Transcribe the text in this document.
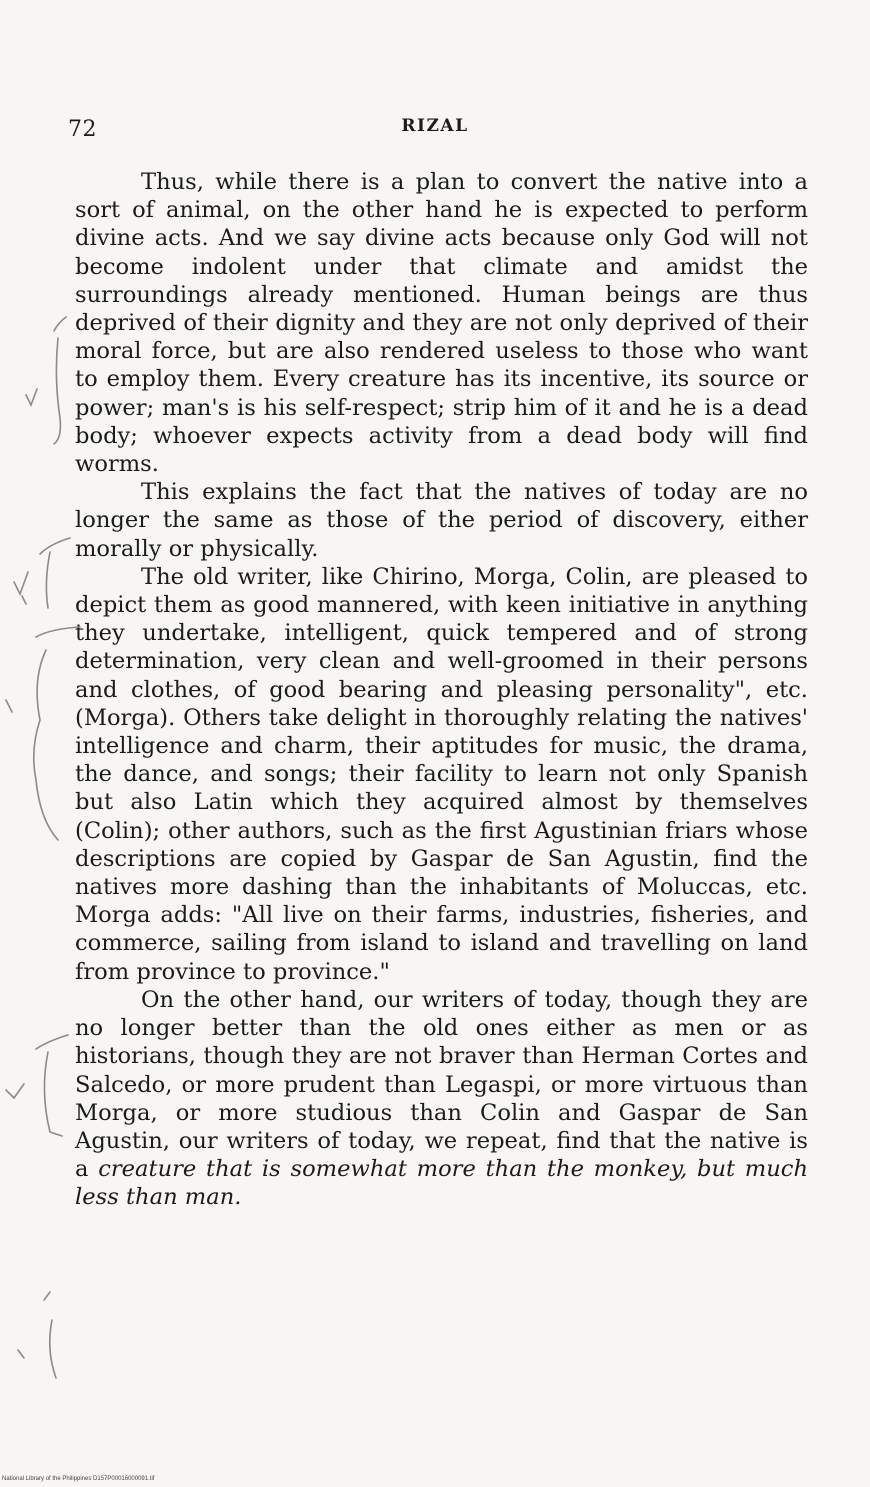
72	RIZAL

Thus, while there is a plan to convert the native into a sort of animal, on the other hand he is expected to perform divine acts. And we say divine acts because only God will not become indolent under that climate and amidst the surroundings already mentioned. Human beings are thus deprived of their dignity and they are not only deprived of their moral force, but are also rendered useless to those who want to employ them. Every creature has its incentive, its source or power; man's is his self-respect; strip him of it and he is a dead body; whoever expects activity from a dead body will find worms.

This explains the fact that the natives of today are no longer the same as those of the period of discovery, either morally or physically.

The old writer, like Chirino, Morga, Colin, are pleased to depict them as good mannered, with keen initiative in anything they undertake, intelligent, quick tempered and of strong determination, very clean and well-groomed in their persons and clothes, of good bearing and pleasing personality", etc. (Morga). Others take delight in thoroughly relating the natives' intelligence and charm, their aptitudes for music, the drama, the dance, and songs; their facility to learn not only Spanish but also Latin which they acquired almost by themselves (Colin); other authors, such as the first Agustinian friars whose descriptions are copied by Gaspar de San Agustin, find the natives more dashing than the inhabitants of Moluccas, etc. Morga adds: "All live on their farms, industries, fisheries, and commerce, sailing from island to island and travelling on land from province to province."

On the other hand, our writers of today, though they are no longer better than the old ones either as men or as historians, though they are not braver than Herman Cortes and Salcedo, or more prudent than Legaspi, or more virtuous than Morga, or more studious than Colin and Gaspar de San Agustin, our writers of today, we repeat, find that the native is a creature that is somewhat more than the monkey, but much less than man.

National Library of the Philippines D157P00016000091.tif
